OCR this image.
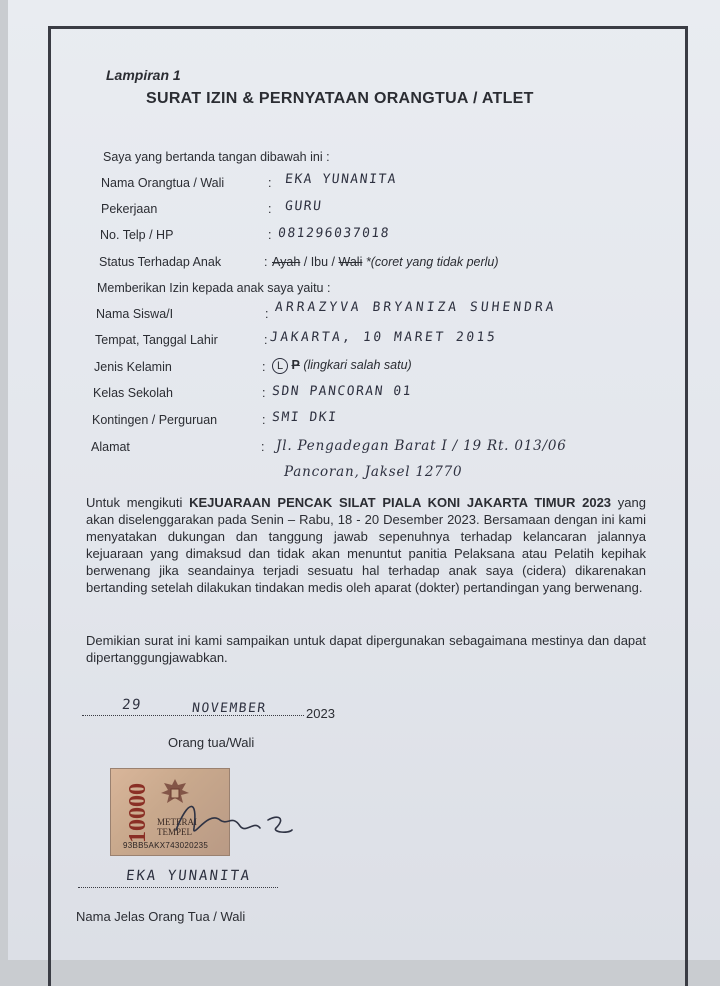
Lampiran 1
SURAT IZIN & PERNYATAAN ORANGTUA / ATLET
Saya yang bertanda tangan dibawah ini :
Nama Orangtua / Wali	: EKA YUNANITA
Pekerjaan	: GURU
No. Telp / HP	: 081296037018
Status Terhadap Anak	: Ayah / Ibu / Wali *(coret yang tidak perlu)
Memberikan Izin kepada anak saya yaitu :
Nama Siswa/I	: ARRAZYVA BRYANIZA SUHENDRA
Tempat, Tanggal Lahir	: JAKARTA, 10 MARET 2015
Jenis Kelamin	:	L P (lingkari salah satu)
Kelas Sekolah	: SDN PANCORAN 01
Kontingen / Perguruan	: SMI DKI
Alamat	: Jl. Pengadegan Barat I / 19 Rt. 013/06
Pancoran, Jaksel 12770
Untuk mengikuti KEJUARAAN PENCAK SILAT PIALA KONI JAKARTA TIMUR 2023 yang akan diselenggarakan pada Senin – Rabu, 18 - 20 Desember 2023. Bersamaan dengan ini kami menyatakan dukungan dan tanggung jawab sepenuhnya terhadap kelancaran jalannya kejuaraan yang dimaksud dan tidak akan menuntut panitia Pelaksana atau Pelatih kepihak berwenang jika seandainya terjadi sesuatu hal terhadap anak saya (cidera) dikarenakan bertanding setelah dilakukan tindakan medis oleh aparat (dokter) pertandingan yang berwenang.
Demikian surat ini kami sampaikan untuk dapat dipergunakan sebagaimana mestinya dan dapat dipertanggungjawabkan.
29	NOVEMBER	2023
Orang tua/Wali
10000 METERAI
TEMPEL
93BB5AKX743020235
EKA YUNANITA
Nama Jelas Orang Tua / Wali
